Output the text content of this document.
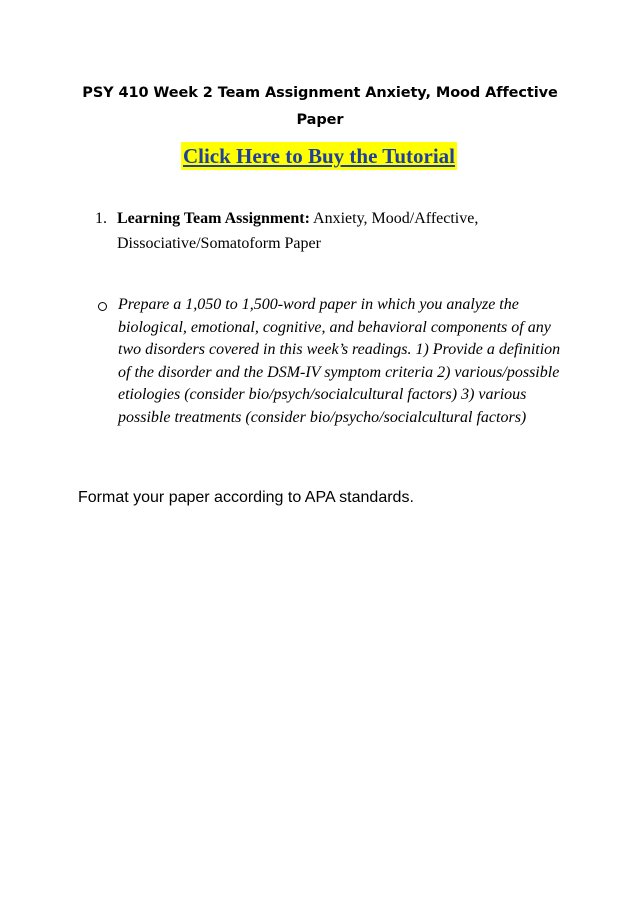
PSY 410 Week 2 Team Assignment Anxiety, Mood Affective Paper
Click Here to Buy the Tutorial
1. Learning Team Assignment: Anxiety, Mood/Affective, Dissociative/Somatoform Paper
Prepare a 1,050 to 1,500-word paper in which you analyze the biological, emotional, cognitive, and behavioral components of any two disorders covered in this week’s readings. 1) Provide a definition of the disorder and the DSM-IV symptom criteria 2) various/possible etiologies (consider bio/psych/socialcultural factors) 3) various possible treatments (consider bio/psycho/socialcultural factors)
Format your paper according to APA standards.
